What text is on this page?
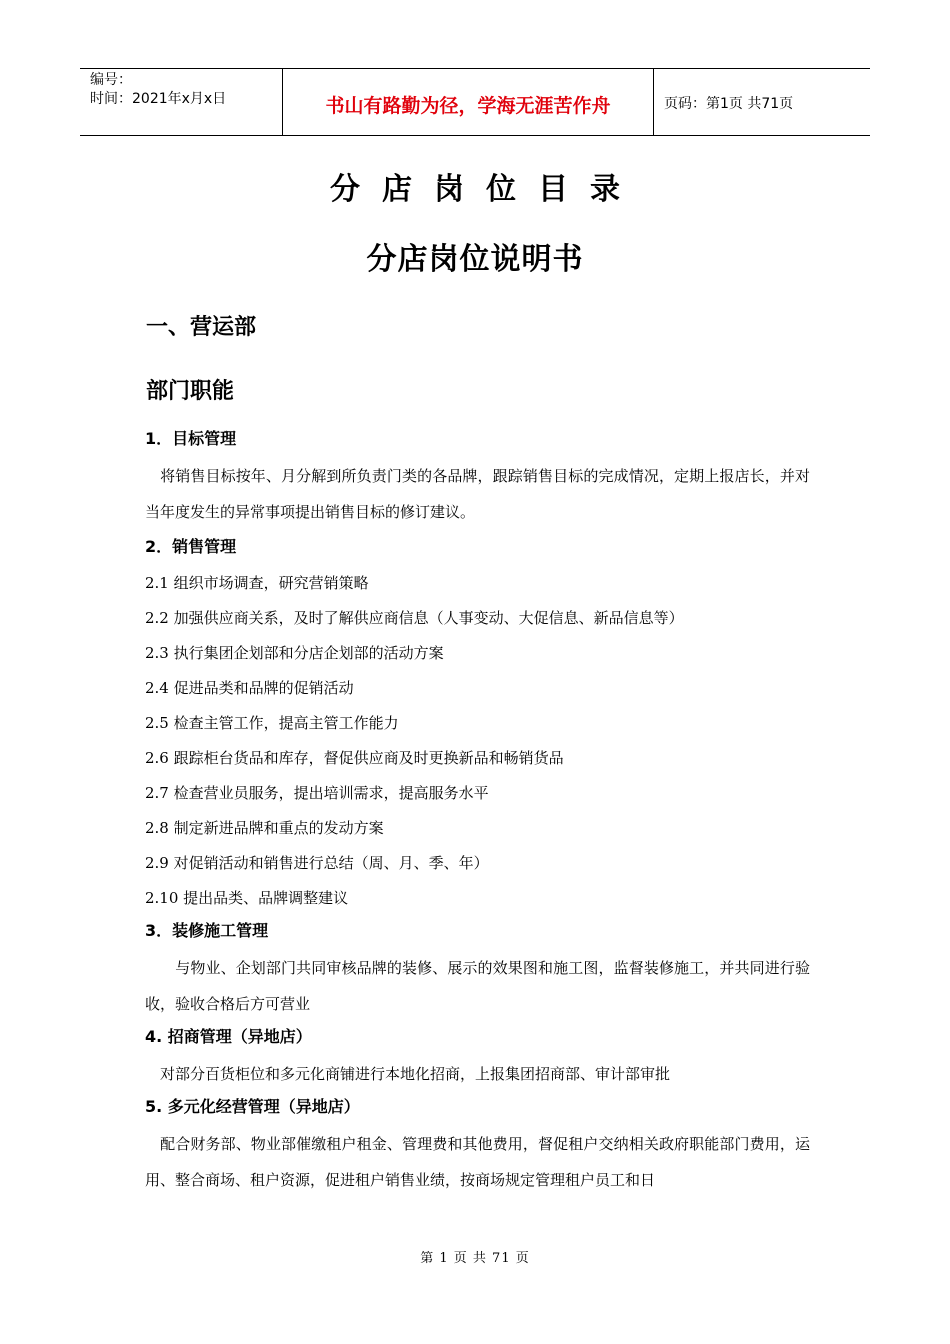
编号：
时间：2021年x月x日	书山有路勤为径，学海无涯苦作舟	页码：第1页 共71页
分店岗位目录
分店岗位说明书
一、营运部
部门职能
1．目标管理
　将销售目标按年、月分解到所负责门类的各品牌，跟踪销售目标的完成情况，定期上报店长，并对当年度发生的异常事项提出销售目标的修订建议。
2．销售管理
2.1 组织市场调查，研究营销策略
2.2 加强供应商关系，及时了解供应商信息（人事变动、大促信息、新品信息等）
2.3 执行集团企划部和分店企划部的活动方案
2.4 促进品类和品牌的促销活动
2.5 检查主管工作，提高主管工作能力
2.6 跟踪柜台货品和库存，督促供应商及时更换新品和畅销货品
2.7 检查营业员服务，提出培训需求，提高服务水平
2.8 制定新进品牌和重点的发动方案
2.9 对促销活动和销售进行总结（周、月、季、年）
2.10 提出品类、品牌调整建议
3．装修施工管理
　　与物业、企划部门共同审核品牌的装修、展示的效果图和施工图，监督装修施工，并共同进行验收，验收合格后方可营业
4. 招商管理（异地店）
　对部分百货柜位和多元化商铺进行本地化招商，上报集团招商部、审计部审批
5. 多元化经营管理（异地店）
　配合财务部、物业部催缴租户租金、管理费和其他费用，督促租户交纳相关政府职能部门费用，运用、整合商场、租户资源，促进租户销售业绩，按商场规定管理租户员工和日
第 1 页 共 71 页
